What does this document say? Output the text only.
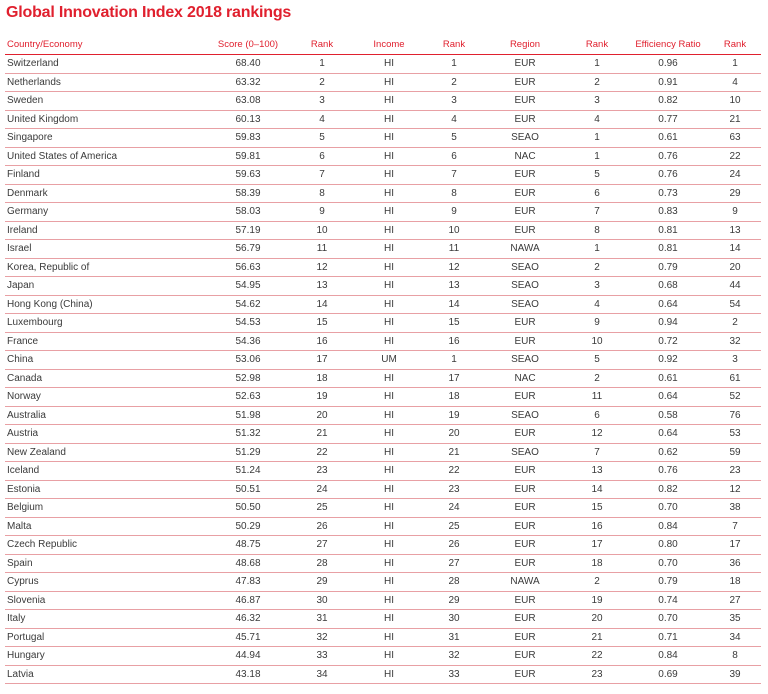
Global Innovation Index 2018 rankings
Country/Economy	Score (0–100)	Rank	Income	Rank	Region	Rank	Efficiency Ratio	Rank
Switzerland	68.40	1	HI	1	EUR	1	0.96	1
Netherlands	63.32	2	HI	2	EUR	2	0.91	4
Sweden	63.08	3	HI	3	EUR	3	0.82	10
United Kingdom	60.13	4	HI	4	EUR	4	0.77	21
Singapore	59.83	5	HI	5	SEAO	1	0.61	63
United States of America	59.81	6	HI	6	NAC	1	0.76	22
Finland	59.63	7	HI	7	EUR	5	0.76	24
Denmark	58.39	8	HI	8	EUR	6	0.73	29
Germany	58.03	9	HI	9	EUR	7	0.83	9
Ireland	57.19	10	HI	10	EUR	8	0.81	13
Israel	56.79	11	HI	11	NAWA	1	0.81	14
Korea, Republic of	56.63	12	HI	12	SEAO	2	0.79	20
Japan	54.95	13	HI	13	SEAO	3	0.68	44
Hong Kong (China)	54.62	14	HI	14	SEAO	4	0.64	54
Luxembourg	54.53	15	HI	15	EUR	9	0.94	2
France	54.36	16	HI	16	EUR	10	0.72	32
China	53.06	17	UM	1	SEAO	5	0.92	3
Canada	52.98	18	HI	17	NAC	2	0.61	61
Norway	52.63	19	HI	18	EUR	11	0.64	52
Australia	51.98	20	HI	19	SEAO	6	0.58	76
Austria	51.32	21	HI	20	EUR	12	0.64	53
New Zealand	51.29	22	HI	21	SEAO	7	0.62	59
Iceland	51.24	23	HI	22	EUR	13	0.76	23
Estonia	50.51	24	HI	23	EUR	14	0.82	12
Belgium	50.50	25	HI	24	EUR	15	0.70	38
Malta	50.29	26	HI	25	EUR	16	0.84	7
Czech Republic	48.75	27	HI	26	EUR	17	0.80	17
Spain	48.68	28	HI	27	EUR	18	0.70	36
Cyprus	47.83	29	HI	28	NAWA	2	0.79	18
Slovenia	46.87	30	HI	29	EUR	19	0.74	27
Italy	46.32	31	HI	30	EUR	20	0.70	35
Portugal	45.71	32	HI	31	EUR	21	0.71	34
Hungary	44.94	33	HI	32	EUR	22	0.84	8
Latvia	43.18	34	HI	33	EUR	23	0.69	39
